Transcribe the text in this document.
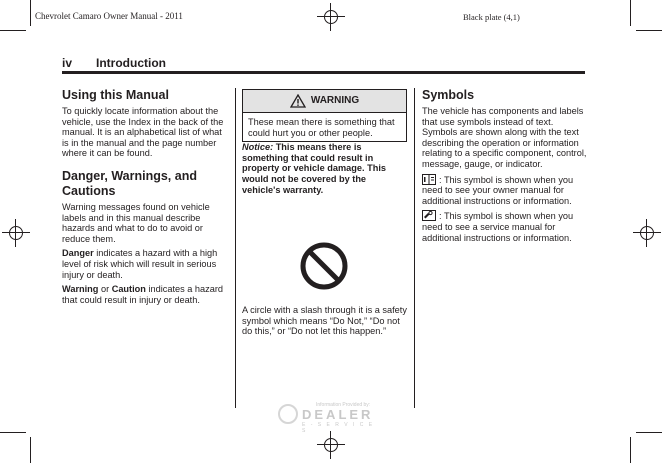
Chevrolet Camaro Owner Manual - 2011	Black plate (4,1)
iv Introduction
Using this Manual

To quickly locate information about the vehicle, use the Index in the back of the manual. It is an alphabetical list of what is in the manual and the page number where it can be found.

Danger, Warnings, and Cautions

Warning messages found on vehicle labels and in this manual describe hazards and what to do to avoid or reduce them.

Danger indicates a hazard with a high level of risk which will result in serious injury or death.

Warning or Caution indicates a hazard that could result in injury or death.

WARNING
These mean there is something that could hurt you or other people.

Notice: This means there is something that could result in property or vehicle damage. This would not be covered by the vehicle's warranty.

A circle with a slash through it is a safety symbol which means “Do Not,” “Do not do this,” or “Do not let this happen.”
Symbols

The vehicle has components and labels that use symbols instead of text. Symbols are shown along with the text describing the operation or information relating to a specific component, control, message, gauge, or indicator.

: This symbol is shown when you need to see your owner manual for additional instructions or information.

: This symbol is shown when you need to see a service manual for additional instructions or information.

Information Provided by:
DEALER
E - S E R V I C E S
